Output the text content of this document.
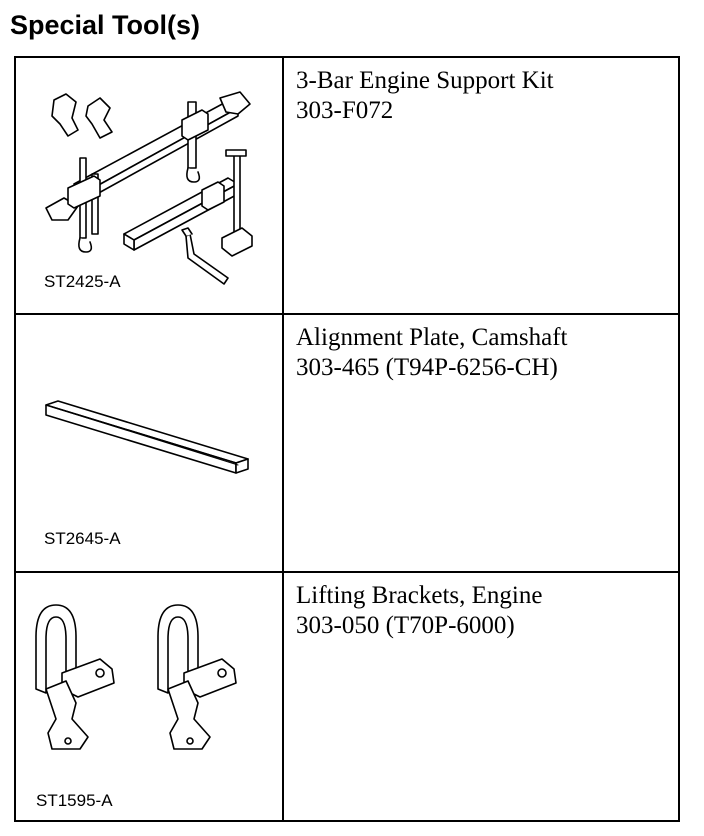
Special Tool(s)
ST2425-A
3-Bar Engine Support Kit
303-F072
ST2645-A
Alignment Plate, Camshaft
303-465 (T94P-6256-CH)
ST1595-A
Lifting Brackets, Engine
303-050 (T70P-6000)
